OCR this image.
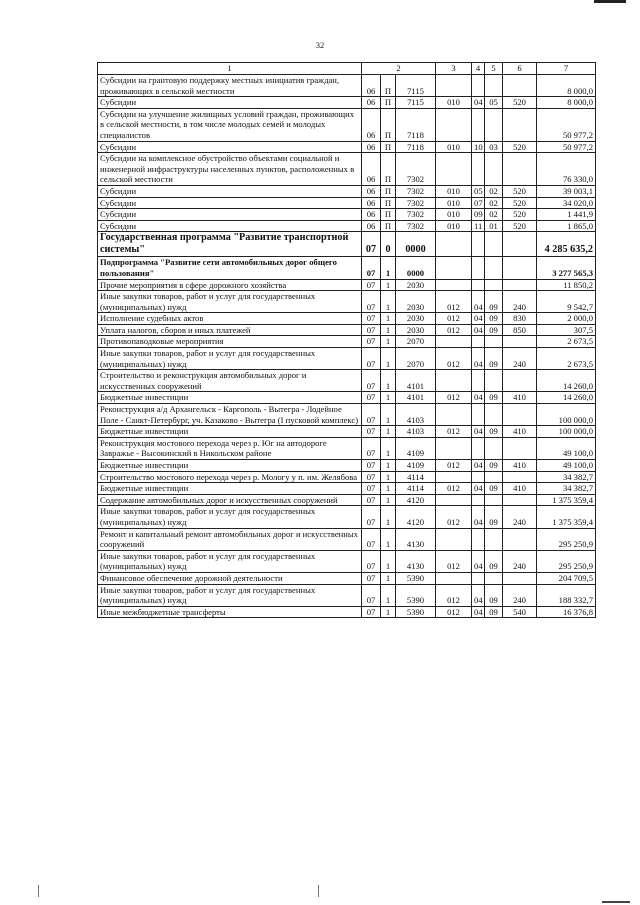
32
1	2			3	4	5	6	7
Субсидии на грантовую поддержку местных инициатив граждан, проживающих в сельской местности	06	П	7115					8 000,0
Субсидии	06	П	7115	010	04	05	520	8 000,0
Субсидии на улучшение жилищных условий граждан, проживающих в сельской местности, в том числе молодых семей и молодых специалистов	06	П	7118					50 977,2
Субсидии	06	П	7118	010	10	03	520	50 977,2
Субсидии на комплексное обустройство объектами социальной и инженерной инфраструктуры населенных пунктов, расположенных в сельской местности	06	П	7302					76 330,0
Субсидии	06	П	7302	010	05	02	520	39 003,1
Субсидии	06	П	7302	010	07	02	520	34 020,0
Субсидии	06	П	7302	010	09	02	520	1 441,9
Субсидии	06	П	7302	010	11	01	520	1 865,0
Государственная программа "Развитие транспортной системы"	07	0	0000					4 285 635,2
Подпрограмма "Развитие сети автомобильных дорог общего пользования"	07	1	0000					3 277 565,3
Прочие мероприятия в сфере дорожного хозяйства	07	1	2030					11 850,2
Иные закупки товаров, работ и услуг для государственных (муниципальных) нужд	07	1	2030	012	04	09	240	9 542,7
Исполнение судебных актов	07	1	2030	012	04	09	830	2 000,0
Уплата налогов, сборов и иных платежей	07	1	2030	012	04	09	850	307,5
Противопаводковые мероприятия	07	1	2070					2 673,5
Иные закупки товаров, работ и услуг для государственных (муниципальных) нужд	07	1	2070	012	04	09	240	2 673,5
Строительство и реконструкция автомобильных дорог и искусственных сооружений	07	1	4101					14 260,0
Бюджетные инвестиции	07	1	4101	012	04	09	410	14 260,0
Реконструкция а/д Архангельск - Каргополь - Вытегра - Лодейное Поле - Санкт-Петербург, уч. Казаково - Вытегра (I пусковой комплекс)	07	1	4103					100 000,0
Бюджетные инвестиции	07	1	4103	012	04	09	410	100 000,0
Реконструкция мостового перехода через р. Юг на автодороге Завражье - Высокинский в Никольском районе	07	1	4109					49 100,0
Бюджетные инвестиции	07	1	4109	012	04	09	410	49 100,0
Строительство мостового перехода через р. Мологу у п. им. Желябова	07	1	4114					34 382,7
Бюджетные инвестиции	07	1	4114	012	04	09	410	34 382,7
Содержание автомобильных дорог и искусственных сооружений	07	1	4120					1 375 359,4
Иные закупки товаров, работ и услуг для государственных (муниципальных) нужд	07	1	4120	012	04	09	240	1 375 359,4
Ремонт и капитальный ремонт автомобильных дорог и искусственных сооружений	07	1	4130					295 250,9
Иные закупки товаров, работ и услуг для государственных (муниципальных) нужд	07	1	4130	012	04	09	240	295 250,9
Финансовое обеспечение дорожной деятельности	07	1	5390					204 709,5
Иные закупки товаров, работ и услуг для государственных (муниципальных) нужд	07	1	5390	012	04	09	240	188 332,7
Иные межбюджетные трансферты	07	1	5390	012	04	09	540	16 376,8
